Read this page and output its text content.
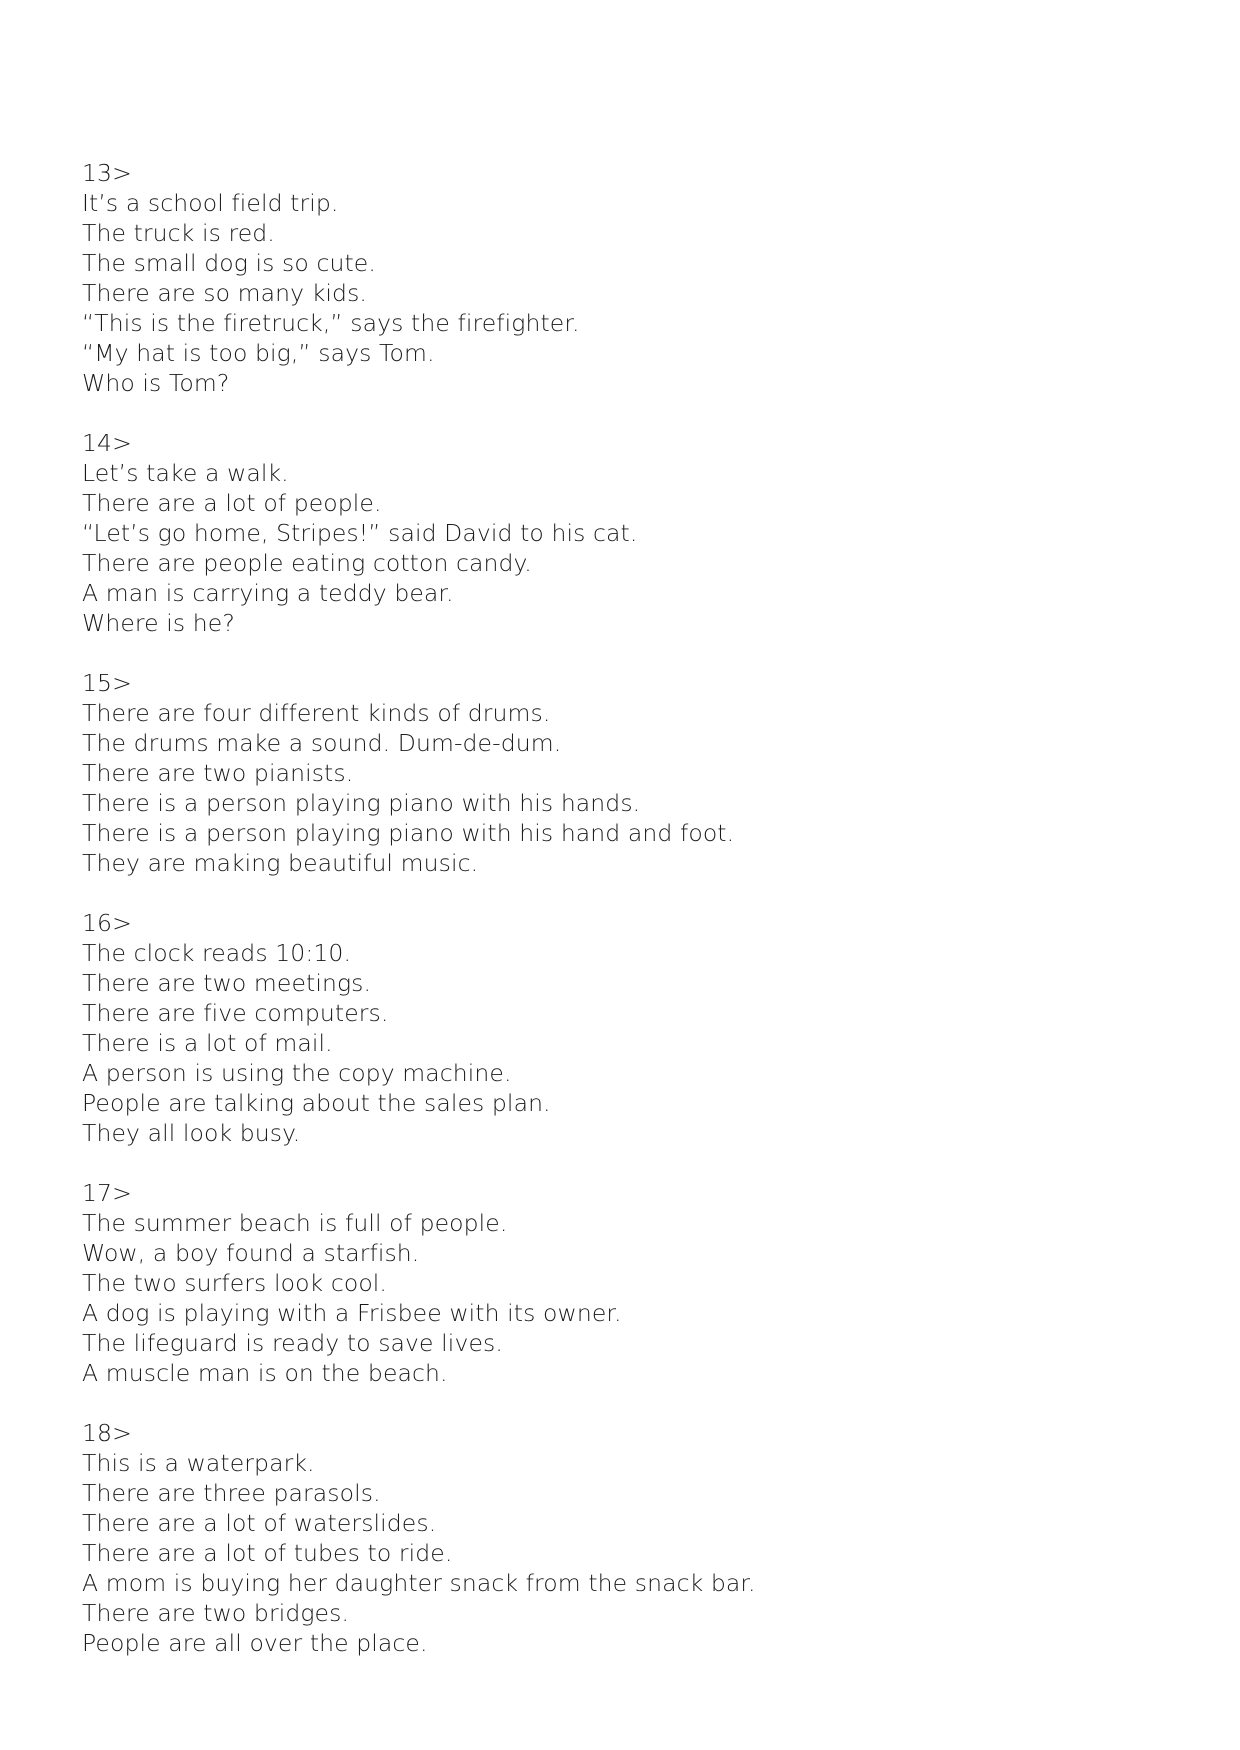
13>
It’s a school field trip.
The truck is red.
The small dog is so cute.
There are so many kids.
“This is the firetruck,” says the firefighter.
“My hat is too big,” says Tom.
Who is Tom?
14>
Let’s take a walk.
There are a lot of people.
“Let’s go home, Stripes!” said David to his cat.
There are people eating cotton candy.
A man is carrying a teddy bear.
Where is he?
15>
There are four different kinds of drums.
The drums make a sound. Dum-de-dum.
There are two pianists.
There is a person playing piano with his hands.
There is a person playing piano with his hand and foot.
They are making beautiful music.
16>
The clock reads 10:10.
There are two meetings.
There are five computers.
There is a lot of mail.
A person is using the copy machine.
People are talking about the sales plan.
They all look busy.
17>
The summer beach is full of people.
Wow, a boy found a starfish.
The two surfers look cool.
A dog is playing with a Frisbee with its owner.
The lifeguard is ready to save lives.
A muscle man is on the beach.
18>
This is a waterpark.
There are three parasols.
There are a lot of waterslides.
There are a lot of tubes to ride.
A mom is buying her daughter snack from the snack bar.
There are two bridges.
People are all over the place.
